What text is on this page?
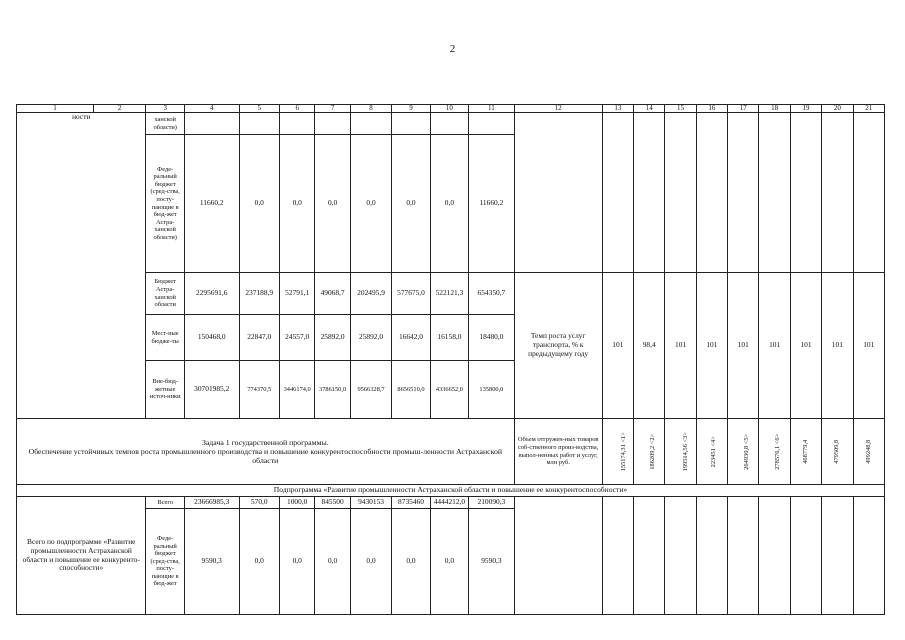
2
1	2	3	4	5	6	7	8	9	10	11	12	13	14	15	16	17	18	19	20	21
ности		ханской области)																		
		Феде-ральный бюджет (сред-ства, посту-пающие в бюд-жет Астра-ханской области)	11660,2	0,0	0,0	0,0	0,0	0,0	0,0	11660,2										
		Бюджет Астра-ханской области	2295691,6	237188,9	52791,1	49068,7	202495,9	577675,0	522121,3	654350,7	Темп роста услуг транспорта, % к предыдущему году	101	98,4	101	101	101	101	101	101	101
		Мест-ные бюдже-ты	150468,0	22847,0	24557,0	25892,0	25892,0	16642,0	16158,0	18480,0										
		Вне-бюд-жетные источ-ники	30701985,2	774370,5	3446174,0	3786150,0	9566328,7	8656510,0	4336652,0	135800,0										

Задача 1 государственной программы.
Обеспечение устойчивых темпов роста промышленного производства и повышение конкурентоспособности промыш-ленности Астраханской области											Объем отгружен-ных товаров соб-ственного произ-водства, выпол-ненных работ и услуг, млн руб.	155174,31 <1>	186209,2 <2>	199514,56 <3>	223451 <4>	264930,8 <5>	278576,1 <6>	468779,4	479509,8	499248,8
Подпрограмма «Развитие промышленности Астраханской области и повышение ее конкурентоспособности»																				
Всего по подпрограмме «Развитие промышленности Астраханской области и повышение ее конкуренто-способности»		Всего	23666985,3	570,0	1000,0	845500	9430153	8735460	4444212,0	210090,3										
		Феде-ральный бюджет (сред-ства, посту-пающие в бюд-жет	9590,3	0,0	0,0	0,0	0,0	0,0	0,0	9590,3										
